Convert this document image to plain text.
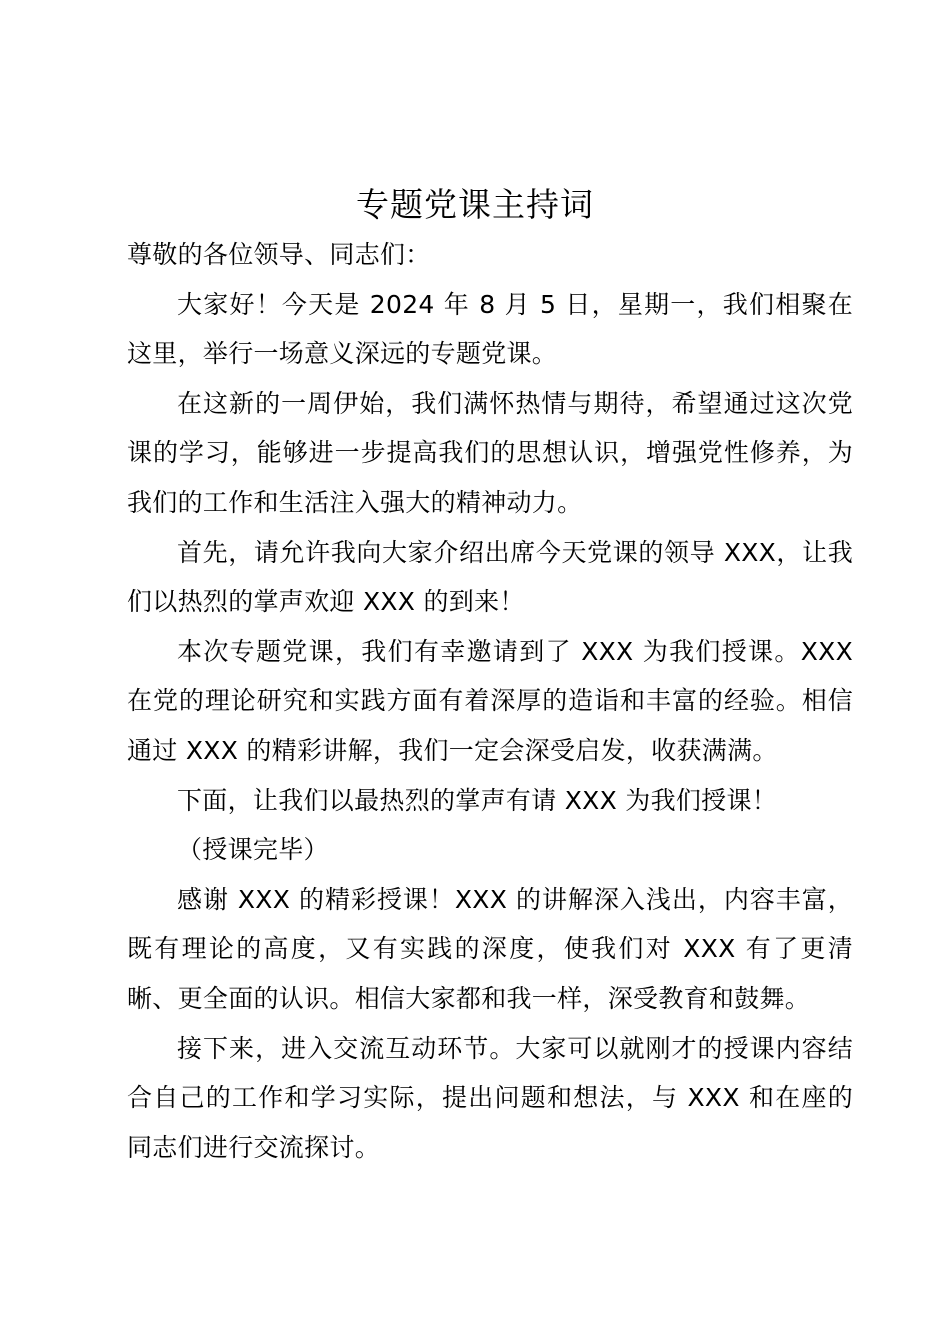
专题党课主持词

尊敬的各位领导、同志们：

大家好！今天是 2024 年 8 月 5 日，星期一，我们相聚在这里，举行一场意义深远的专题党课。

在这新的一周伊始，我们满怀热情与期待，希望通过这次党课的学习，能够进一步提高我们的思想认识，增强党性修养，为我们的工作和生活注入强大的精神动力。

首先，请允许我向大家介绍出席今天党课的领导 XXX，让我们以热烈的掌声欢迎 XXX 的到来！

本次专题党课，我们有幸邀请到了 XXX 为我们授课。XXX 在党的理论研究和实践方面有着深厚的造诣和丰富的经验。相信通过 XXX 的精彩讲解，我们一定会深受启发，收获满满。

下面，让我们以最热烈的掌声有请 XXX 为我们授课！

（授课完毕）

感谢 XXX 的精彩授课！XXX 的讲解深入浅出，内容丰富，既有理论的高度，又有实践的深度，使我们对 XXX 有了更清晰、更全面的认识。相信大家都和我一样，深受教育和鼓舞。

接下来，进入交流互动环节。大家可以就刚才的授课内容结合自己的工作和学习实际，提出问题和想法，与 XXX 和在座的同志们进行交流探讨。
